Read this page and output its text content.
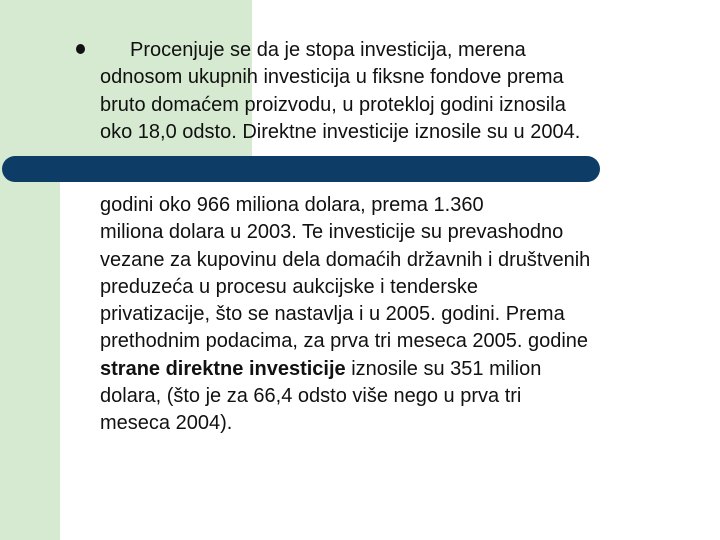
Procenjuje se da je stopa investicija, merena
odnosom ukupnih investicija u fiksne fondove prema
bruto domaćem proizvodu, u protekloj godini iznosila
oko 18,0 odsto. Direktne investicije iznosile su u 2004.

godini oko 966 miliona dolara, prema 1.360
miliona dolara u 2003. Te investicije su prevashodno
vezane za kupovinu dela domaćih državnih i društvenih
preduzeća u procesu aukcijske i tenderske
privatizacije, što se nastavlja i u 2005. godini. Prema
prethodnim podacima, za prva tri meseca 2005. godine
strane direktne investicije iznosile su 351 milion
dolara, (što je za 66,4 odsto više nego u prva tri
meseca 2004).
